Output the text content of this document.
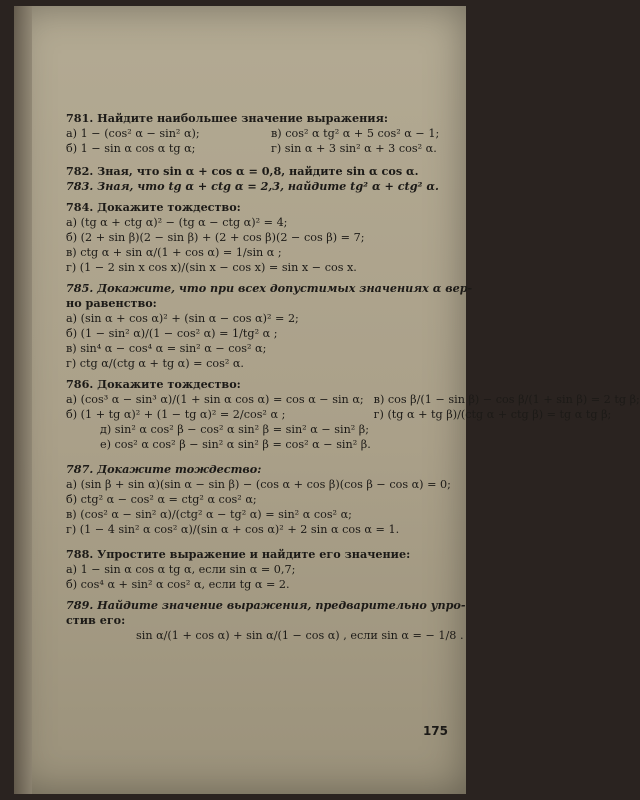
781. Найдите наибольшее значение выражения:
а) 1 − (cos² α − sin² α);
б) 1 − sin α cos α tg α;
в) cos² α tg² α + 5 cos² α − 1;
г) sin α + 3 sin² α + 3 cos² α.
782. Зная, что sin α + cos α = 0,8, найдите sin α cos α.
783. Зная, что tg α + ctg α = 2,3, найдите tg² α + ctg² α.
784. Докажите тождество:
а) (tg α + ctg α)² − (tg α − ctg α)² = 4;
б) (2 + sin β)(2 − sin β) + (2 + cos β)(2 − cos β) = 7;
в) ctg α + sin α/(1 + cos α) = 1/sin α ;
г) (1 − 2 sin x cos x)/(sin x − cos x) = sin x − cos x.
785. Докажите, что при всех допустимых значениях α вер-
но равенство:
а) (sin α + cos α)² + (sin α − cos α)² = 2;
б) (1 − sin² α)/(1 − cos² α) = 1/tg² α ;
в) sin⁴ α − cos⁴ α = sin² α − cos² α;
г) ctg α/(ctg α + tg α) = cos² α.
786. Докажите тождество:
а) (cos³ α − sin³ α)/(1 + sin α cos α) = cos α − sin α;
б) (1 + tg α)² + (1 − tg α)² = 2/cos² α ;
в) cos β/(1 − sin β) − cos β/(1 + sin β) = 2 tg β;
г) (tg α + tg β)/(ctg α + ctg β) = tg α tg β;
д) sin² α cos² β − cos² α sin² β = sin² α − sin² β;
е) cos² α cos² β − sin² α sin² β = cos² α − sin² β.
787. Докажите тождество:
а) (sin β + sin α)(sin α − sin β) − (cos α + cos β)(cos β − cos α) = 0;
б) ctg² α − cos² α = ctg² α cos² α;
в) (cos² α − sin² α)/(ctg² α − tg² α) = sin² α cos² α;
г) (1 − 4 sin² α cos² α)/(sin α + cos α)² + 2 sin α cos α = 1.
788. Упростите выражение и найдите его значение:
а) 1 − sin α cos α tg α, если sin α = 0,7;
б) cos⁴ α + sin² α cos² α, если tg α = 2.
789. Найдите значение выражения, предварительно упро-
стив его:
sin α/(1 + cos α) + sin α/(1 − cos α) , если sin α = − 1/8 .
175
